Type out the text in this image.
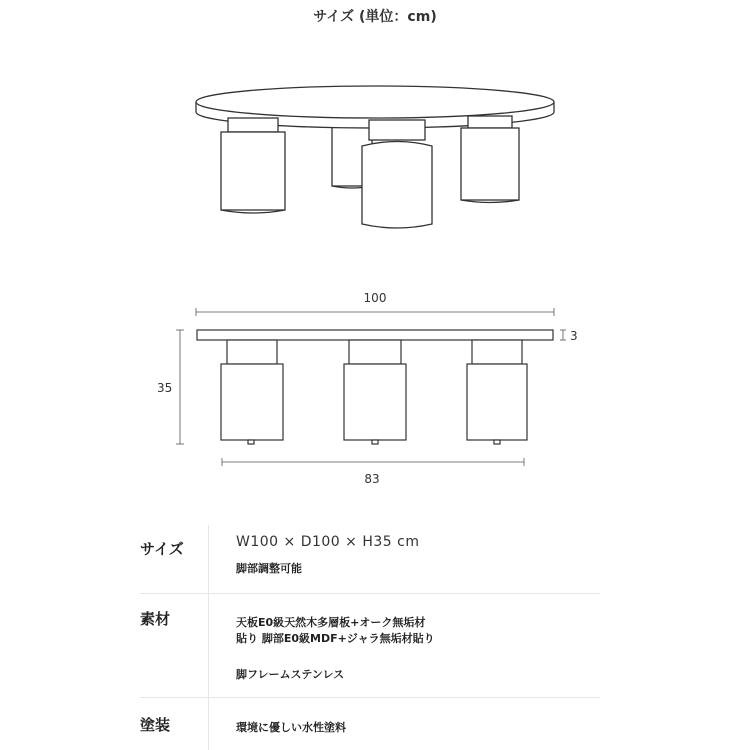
サイズ (単位：cm)
100
3
35
83
サイズ	W100 × D100 × H35 cm
脚部調整可能
素材	天板E0級天然木多層板+オーク無垢材
貼り 脚部E0級MDF+ジャラ無垢材貼り
脚フレームステンレス
塗装	環境に優しい水性塗料
